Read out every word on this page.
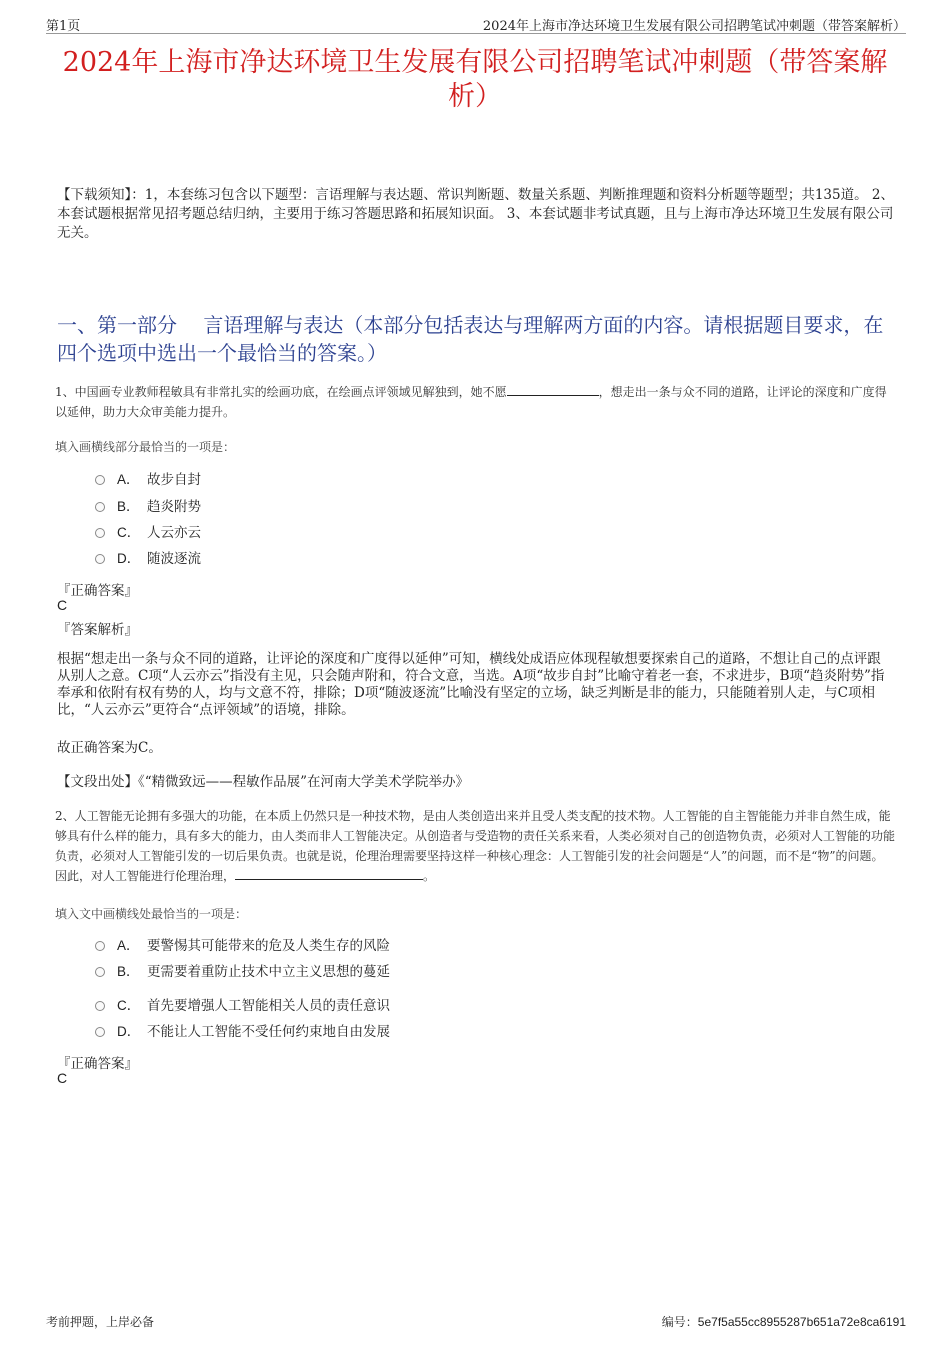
第1页	2024年上海市净达环境卫生发展有限公司招聘笔试冲刺题（带答案解析）
2024年上海市净达环境卫生发展有限公司招聘笔试冲刺题（带答案解析）
【下载须知】：1，本套练习包含以下题型：言语理解与表达题、常识判断题、数量关系题、判断推理题和资料分析题等题型；共135道。 2、本套试题根据常见招考题总结归纳，主要用于练习答题思路和拓展知识面。 3、本套试题非考试真题，且与上海市净达环境卫生发展有限公司无关。
一、第一部分　 言语理解与表达（本部分包括表达与理解两方面的内容。请根据题目要求，在四个选项中选出一个最恰当的答案。）
1、中国画专业教师程敏具有非常扎实的绘画功底，在绘画点评领域见解独到，她不愿	，想走出一条与众不同的道路，让评论的深度和广度得以延伸，助力大众审美能力提升。
填入画横线部分最恰当的一项是：
A． 故步自封
B． 趋炎附势
C． 人云亦云
D． 随波逐流
『正确答案』
C
『答案解析』
根据“想走出一条与众不同的道路，让评论的深度和广度得以延伸”可知，横线处成语应体现程敏想要探索自己的道路，不想让自己的点评跟从别人之意。C项“人云亦云”指没有主见，只会随声附和，符合文意，当选。A项“故步自封”比喻守着老一套，不求进步，B项“趋炎附势”指奉承和依附有权有势的人，均与文意不符，排除；D项“随波逐流”比喻没有坚定的立场，缺乏判断是非的能力，只能随着别人走，与C项相比，“人云亦云”更符合“点评领域”的语境，排除。
故正确答案为C。
【文段出处】《“精微致远——程敏作品展”在河南大学美术学院举办》
2、人工智能无论拥有多强大的功能，在本质上仍然只是一种技术物，是由人类创造出来并且受人类支配的技术物。人工智能的自主智能能力并非自然生成，能够具有什么样的能力，具有多大的能力，由人类而非人工智能决定。从创造者与受造物的责任关系来看，人类必须对自己的创造物负责，必须对人工智能的功能负责，必须对人工智能引发的一切后果负责。也就是说，伦理治理需要坚持这样一种核心理念：人工智能引发的社会问题是“人”的问题，而不是“物”的问题。因此，对人工智能进行伦理治理，	。
填入文中画横线处最恰当的一项是：
A． 要警惕其可能带来的危及人类生存的风险
B． 更需要着重防止技术中立主义思想的蔓延
C． 首先要增强人工智能相关人员的责任意识
D． 不能让人工智能不受任何约束地自由发展
『正确答案』
C
考前押题，上岸必备	编号：5e7f5a55cc8955287b651a72e8ca6191
